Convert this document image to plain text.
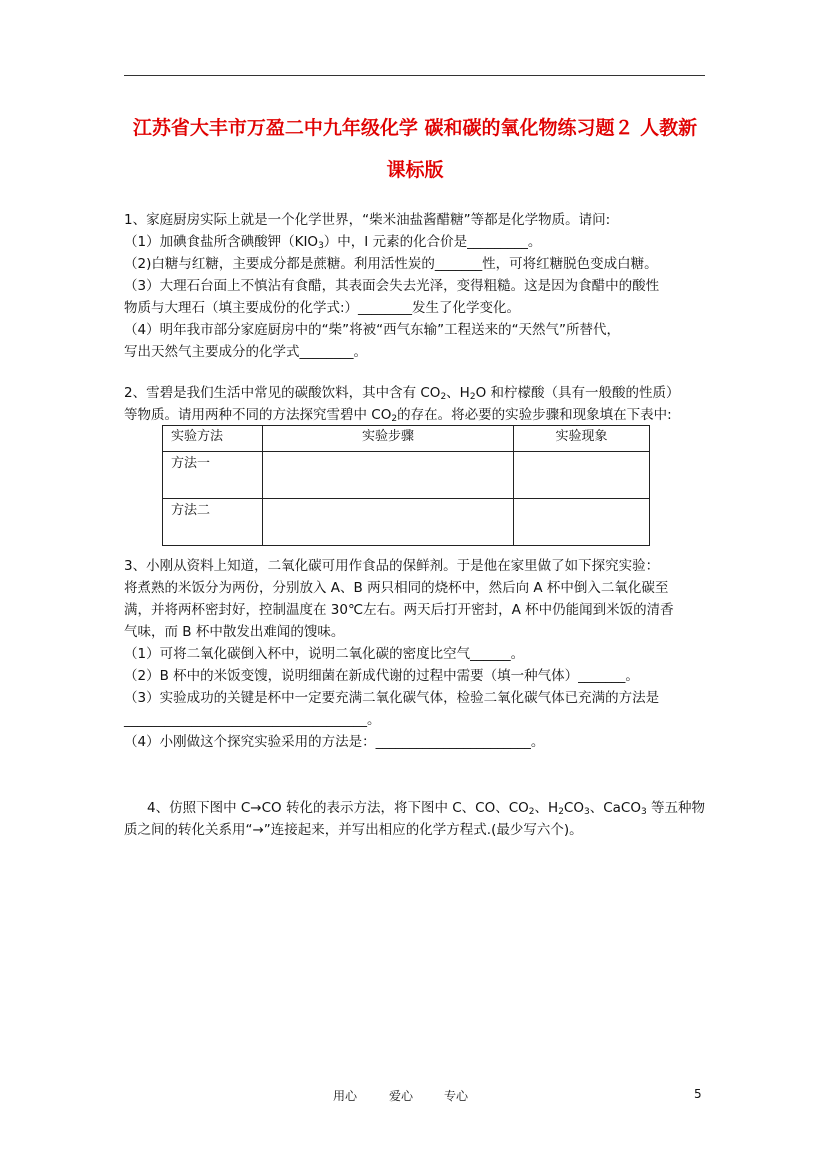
江苏省大丰市万盈二中九年级化学 碳和碳的氧化物练习题２ 人教新
课标版
1、家庭厨房实际上就是一个化学世界，“柴米油盐酱醋糖”等都是化学物质。请问:
（1）加碘食盐所含碘酸钾$(KIO_3)$中，I 元素的化合价是_________。
（2)白糖与红糖，主要成分都是蔗糖。利用活性炭的_______性，可将红糖脱色变成白糖。
（3）大理石台面上不慎沾有食醋，其表面会失去光泽，变得粗糙。这是因为食醋中的酸性
物质与大理石（填主要成份的化学式:）________发生了化学变化。
（4）明年我市部分家庭厨房中的“柴”将被“西气东输”工程送来的“天然气”所替代，
写出天然气主要成分的化学式________。
2、雪碧是我们生活中常见的碳酸饮料，其中含有 $CO_2$、$H_2O$ 和柠檬酸（具有一般酸的性质）
等物质。请用两种不同的方法探究雪碧中 $CO_2$的存在。将必要的实验步骤和现象填在下表中:
实验方法	实验步骤	实验现象
方法一		
方法二		
3、小刚从资料上知道，二氧化碳可用作食品的保鲜剂。于是他在家里做了如下探究实验：
将煮熟的米饭分为两份，分别放入 A、B 两只相同的烧杯中，然后向 A 杯中倒入二氧化碳至
满，并将两杯密封好，控制温度在 30℃左右。两天后打开密封，A 杯中仍能闻到米饭的清香
气味，而 B 杯中散发出难闻的馊味。
（1）可将二氧化碳倒入杯中，说明二氧化碳的密度比空气______。
（2）B 杯中的米饭变馊，说明细菌在新成代谢的过程中需要（填一种气体）_______。
（3）实验成功的关键是杯中一定要充满二氧化碳气体，检验二氧化碳气体已充满的方法是
____________________________________。
（4）小刚做这个探究实验采用的方法是：_______________________。
4、仿照下图中 C→CO 转化的表示方法，将下图中 C、CO、$CO_2$、$H_2CO_3$、CaCO$_3$ 等五种物
质之间的转化关系用“→”连接起来，并写出相应的化学方程式.(最少写六个)。
用心	爱心	专心	5
